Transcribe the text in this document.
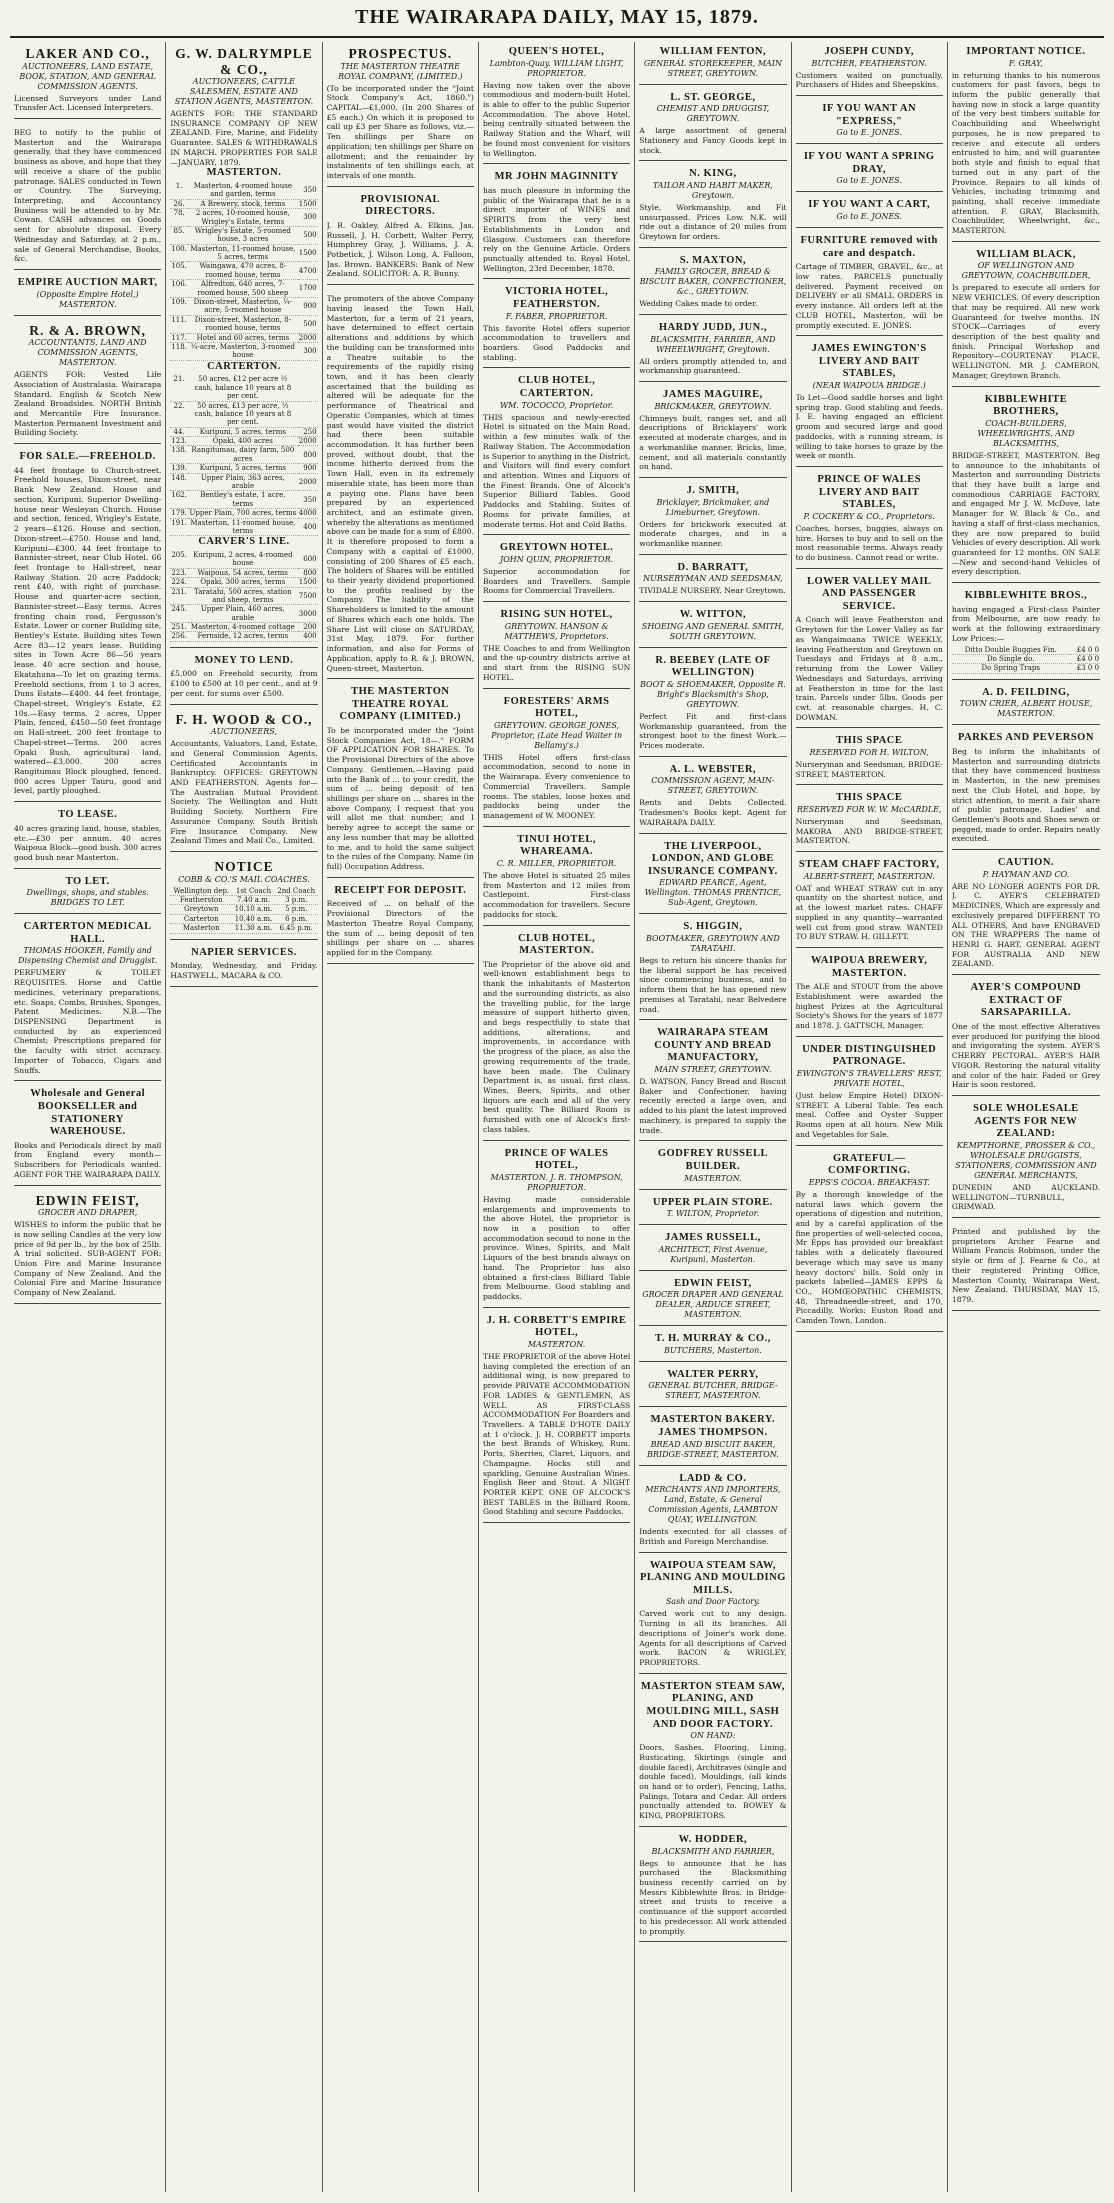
THE WAIRARAPA DAILY, MAY 15, 1879.
LAKER AND CO.,
AUCTIONEERS, LAND ESTATE, BOOK, STATION, AND GENERAL COMMISSION AGENTS.
Licensed Surveyors under Land Transfer Act. Licensed Interpreters.
BEG to notify to the public of Masterton and the Wairarapa generally, that they have commenced business as above, and hope that they will receive a share of the public patronage. SALES conducted in Town or Country. The Surveying, Interpreting, and Accountancy Business will be attended to by Mr. Cowan. CASH advances on Goods sent for absolute disposal. Every Wednesday and Saturday, at 2 p.m., sale of General Merchandise, Books, &c.
EMPIRE AUCTION MART,
(Opposite Empire Hotel,) MASTERTON.
R. & A. BROWN,
ACCOUNTANTS, LAND AND COMMISSION AGENTS, MASTERTON.
AGENTS FOR: Vested Life Association of Australasia. Wairarapa Standard. English & Scotch New Zealand Broadsides. NORTH British and Mercantile Fire Insurance. Masterton Permanent Investment and Building Society.
FOR SALE.—FREEHOLD.
44 feet frontage to Church-street. Freehold houses, Dixon-street, near Bank New Zealand. House and section, Kuripuni. Superior Dwelling-house near Wesleyan Church. House and section, fenced, Wrigley's Estate, 2 years—£126. House and section, Dixon-street—£750. House and land, Kuripuni—£300. 44 feet frontage to Bannister-street, near Club Hotel. 66 feet frontage to Hall-street, near Railway Station. 20 acre Paddock; rent £40, with right of purchase. House and quarter-acre section, Bannister-street—Easy terms. Acres fronting chain road, Fergusson's Estate. Lower or corner Building site, Bentley's Estate. Building sites Town Acre 83—12 years lease. Building sites in Town Acre 86—56 years lease. 40 acre section and house, Ekatahuna—To let on grazing terms. Freehold sections, from 1 to 3 acres, Duns Estate—£400. 44 feet frontage, Chapel-street, Wrigley's Estate, £2 10s.—Easy terms. 2 acres, Upper Plain, fenced, £450—50 feet frontage on Hall-street. 200 feet frontage to Chapel-street—Terms. 200 acres Opaki Bush, agricultural land, watered—£3,000. 200 acres Rangitumau Block ploughed, fenced. 800 acres Upper Tauru, good and level, partly ploughed.
TO LEASE.
40 acres grazing land, house, stables, etc.—£30 per annum. 40 acres Waipoua Block—good bush. 300 acres good bush near Masterton.
TO LET.
Dwellings, shops, and stables. BRIDGES TO LET.
CARTERTON MEDICAL HALL.
THOMAS HOOKER, Family and Dispensing Chemist and Druggist.
PERFUMERY & TOILET REQUISITES. Horse and Cattle medicines, veterinary preparations, etc. Soaps, Combs, Brushes, Sponges, Patent Medicines. N.B.—The DISPENSING Department is conducted by an experienced Chemist; Prescriptions prepared for the faculty with strict accuracy. Importer of Tobacco, Cigars and Snuffs.
Wholesale and General BOOKSELLER and STATIONERY WAREHOUSE.
Books and Periodicals direct by mail from England every month—Subscribers for Periodicals wanted. AGENT FOR THE WAIRARAPA DAILY.
EDWIN FEIST,
GROCER AND DRAPER,
WISHES to inform the public that he is now selling Candles at the very low price of 9d per lb., by the box of 25lb. A trial solicited. SUB-AGENT FOR: Union Fire and Marine Insurance Company of New Zealand. And the Colonial Fire and Marine Insurance Company of New Zealand.
G. W. DALRYMPLE & CO.,
AUCTIONEERS, CATTLE SALESMEN, ESTATE AND STATION AGENTS, MASTERTON.
AGENTS FOR: THE STANDARD INSURANCE COMPANY OF NEW ZEALAND. Fire, Marine, and Fidelity Guarantee. SALES & WITHDRAWALS IN MARCH. PROPERTIES FOR SALE—JANUARY, 1879.
MASTERTON.
1.	Masterton, 4-roomed house and garden, terms	350
26.	A Brewery, stock, terms	1500
78.	2 acres, 10-roomed house, Wrigley's Estate, terms	300
85.	Wrigley's Estate, 5-roomed house, 3 acres	500
100.	Masterton, 11-roomed house, 5 acres, terms	1500
105.	Waingawa, 470 acres, 8-roomed house, terms	4700
106.	Alfredton, 640 acres, 7-roomed house, 500 sheep	1700
109.	Dixon-street, Masterton, ¼-acre, 5-roomed house	900
111.	Dixon-street, Masterton, 8-roomed house, terms	500
117.	Hotel and 60 acres, terms	2000
118.	¼-acre, Masterton, 3-roomed house	300
CARTERTON.
21.	50 acres, £12 per acre ½ cash, balance 10 years at 8 per cent.	
22.	50 acres, £13 per acre, ⅓ cash, balance 10 years at 8 per cent.	
44.	Kuripuni, 5 acres, terms	250
123.	Opaki, 400 acres	2000
138.	Rangitumau, dairy farm, 500 acres	800
139.	Kuripuni, 5 acres, terms	900
148.	Upper Plain, 363 acres, arable	2000
162.	Bentley's estate, 1 acre, terms	350
179.	Upper Plain, 700 acres, terms	4000
191.	Masterton, 11-roomed house, terms	400
CARVER'S LINE.
205.	Kuripuni, 2 acres, 4-roomed house	600
223.	Waipoua, 54 acres, terms	800
224.	Opaki, 300 acres, terms	1500
231.	Taratahi, 500 acres, station and sheep, terms	7500
245.	Upper Plain, 460 acres, arable	3000
251.	Masterton, 4-roomed cottage	200
256.	Fernside, 12 acres, terms	400
MONEY TO LEND.
£5,000 on Freehold security, from £100 to £500 at 10 per cent., and at 9 per cent. for sums over £500.
F. H. WOOD & CO.,
AUCTIONEERS,
Accountants, Valuators, Land, Estate, and General Commission Agents. Certificated Accountants in Bankruptcy. OFFICES: GREYTOWN AND FEATHERSTON. Agents for—The Australian Mutual Provident Society. The Wellington and Hutt Building Society. Northern Fire Assurance Company. South British Fire Insurance Company. New Zealand Times and Mail Co., Limited.
NOTICE
COBB & CO.'S MAIL COACHES.
Wellington dep.	1st Coach	2nd Coach
Featherston	7.40 a.m.	3 p.m.
Greytown	10.10 a.m.	5 p.m.
Carterton	10.40 a.m.	6 p.m.
Masterton	11.30 a.m.	6.45 p.m.
NAPIER SERVICES.
Monday, Wednesday, and Friday. HASTWELL, MACARA & CO.
PROSPECTUS.
THE MASTERTON THEATRE ROYAL COMPANY, (LIMITED.)
(To be incorporated under the "Joint Stock Company's Act, 1860.") CAPITAL—£1,000, (In 200 Shares of £5 each.) On which it is proposed to call up £3 per Share as follows, viz.—Ten shillings per Share on application; ten shillings per Share on allotment; and the remainder by instalments of ten shillings each, at intervals of one month.
PROVISIONAL DIRECTORS.
J. R. Oakley, Alfred A. Elkins, Jas. Russell, J. H. Corbett, Walter Perry, Humphrey Gray, J. Williams, J. A. Potbetick, J. Wilson Long, A. Falloon, Jas. Brown. BANKERS: Bank of New Zealand. SOLICITOR: A. R. Bunny.
The promoters of the above Company having leased the Town Hall, Masterton, for a term of 21 years, have determined to effect certain alterations and additions by which the building can be transformed into a Theatre suitable to the requirements of the rapidly rising town, and it has been clearly ascertained that the building as altered will be adequate for the performance of Theatrical and Operatic Companies, which at times past would have visited the district had there been suitable accommodation. It has further been proved, without doubt, that the income hitherto derived from the Town Hall, even in its extremely miserable state, has been more than a paying one. Plans have been prepared by an experienced architect, and an estimate given, whereby the alterations as mentioned above can be made for a sum of £800. It is therefore proposed to form a Company with a capital of £1000, consisting of 200 Shares of £5 each. The holders of Shares will be entitled to their yearly dividend proportioned to the profits realised by the Company. The liability of the Shareholders is limited to the amount of Shares which each one holds. The Share List will close on SATURDAY, 31st May, 1879. For further information, and also for Forms of Application, apply to R. & J. BROWN, Queen-street, Masterton.
THE MASTERTON THEATRE ROYAL COMPANY (LIMITED.)
To be incorporated under the "Joint Stock Companies Act, 18—." FORM OF APPLICATION FOR SHARES. To the Provisional Directors of the above Company. Gentlemen,—Having paid into the Bank of ... to your credit, the sum of ... being deposit of ten shillings per share on ... shares in the above Company, I request that you will allot me that number; and I hereby agree to accept the same or any less number that may be allotted to me, and to hold the same subject to the rules of the Company. Name (in full) Occupation Address.
RECEIPT FOR DEPOSIT.
Received of ... on behalf of the Provisional Directors of the Masterton Theatre Royal Company, the sum of ... being deposit of ten shillings per share on ... shares applied for in the Company.
QUEEN'S HOTEL,
Lambton-Quay. WILLIAM LIGHT, PROPRIETOR.
Having now taken over the above commodious and modern-built Hotel, is able to offer to the public Superior Accommodation. The above Hotel, being centrally situated between the Railway Station and the Wharf, will be found most convenient for visitors to Wellington.
MR JOHN MAGINNITY
has much pleasure in informing the public of the Wairarapa that he is a direct importer of WINES and SPIRITS from the very best Establishments in London and Glasgow. Customers can therefore rely on the Genuine Article. Orders punctually attended to. Royal Hotel, Wellington, 23rd December, 1878.
VICTORIA HOTEL, FEATHERSTON.
F. FABER, PROPRIETOR.
This favorite Hotel offers superior accommodation to travellers and boarders. Good Paddocks and stabling.
CLUB HOTEL, CARTERTON.
WM. TOCOCCO, Proprietor.
THIS spacious and newly-erected Hotel is situated on the Main Road, within a few minutes walk of the Railway Station. The Accommodation is Superior to anything in the District, and Visitors will find every comfort and attention. Wines and Liquors of the Finest Brands. One of Alcock's Superior Billiard Tables. Good Paddocks and Stabling. Suites of Rooms for private families, at moderate terms. Hot and Cold Baths.
GREYTOWN HOTEL.
JOHN QUIN, PROPRIETOR.
Superior accommodation for Boarders and Travellers. Sample Rooms for Commercial Travellers.
RISING SUN HOTEL,
GREYTOWN. HANSON & MATTHEWS, Proprietors.
THE Coaches to and from Wellington and the up-country districts arrive at and start from the RISING SUN HOTEL.
FORESTERS' ARMS HOTEL,
GREYTOWN. GEORGE JONES, Proprietor, (Late Head Waiter in Bellamy's.)
THIS Hotel offers first-class accommodation, second to none in the Wairarapa. Every convenience to Commercial Travellers. Sample rooms. The stables, loose boxes and paddocks being under the management of W. MOONEY.
TINUI HOTEL, WHAREAMA.
C. R. MILLER, PROPRIETOR.
The above Hotel is situated 25 miles from Masterton and 12 miles from Castlepoint. First-class accommodation for travellers. Secure paddocks for stock.
CLUB HOTEL, MASTERTON.
The Proprietor of the above old and well-known establishment begs to thank the inhabitants of Masterton and the surrounding districts, as also the travelling public, for the large measure of support hitherto given, and begs respectfully to state that additions, alterations, and improvements, in accordance with the progress of the place, as also the growing requirements of the trade, have been made. The Culinary Department is, as usual, first class. Wines, Beers, Spirits, and other liquors are each and all of the very best quality. The Billiard Room is furnished with one of Alcock's first-class tables.
PRINCE OF WALES HOTEL,
MASTERTON. J. R. THOMPSON, PROPRIETOR.
Having made considerable enlargements and improvements to the above Hotel, the proprietor is now in a position to offer accommodation second to none in the province. Wines, Spirits, and Malt Liquors of the best brands always on hand. The Proprietor has also obtained a first-class Billiard Table from Melbourne. Good stabling and paddocks.
J. H. CORBETT'S EMPIRE HOTEL,
MASTERTON.
THE PROPRIETOR of the above Hotel having completed the erection of an additional wing, is now prepared to provide PRIVATE ACCOMMODATION FOR LADIES & GENTLEMEN, AS WELL AS FIRST-CLASS ACCOMMODATION For Boarders and Travellers. A TABLE D'HOTE DAILY at 1 o'clock. J. H. CORBETT imports the best Brands of Whiskey, Rum, Ports, Sherries, Claret, Liquors, and Champagne. Hocks still and sparkling, Genuine Australian Wines. English Beer and Stout. A NIGHT PORTER KEPT. ONE OF ALCOCK'S BEST TABLES in the Billiard Room. Good Stabling and secure Paddocks.
WILLIAM FENTON,
GENERAL STOREKEEPER, MAIN STREET, GREYTOWN.
L. ST. GEORGE,
CHEMIST AND DRUGGIST, GREYTOWN.
A large assortment of general Stationery and Fancy Goods kept in stock.
N. KING,
TAILOR AND HABIT MAKER, Greytown.
Style, Workmanship, and Fit unsurpassed. Prices Low. N.K. will ride out a distance of 20 miles from Greytown for orders.
S. MAXTON,
FAMILY GROCER, BREAD & BISCUIT BAKER, CONFECTIONER, &c., GREYTOWN.
Wedding Cakes made to order.
HARDY JUDD, JUN.,
BLACKSMITH, FARRIER, AND WHEELWRIGHT, Greytown.
All orders promptly attended to, and workmanship guaranteed.
JAMES MAGUIRE,
BRICKMAKER, GREYTOWN.
Chimneys built, ranges set, and all descriptions of Bricklayers' work executed at moderate charges, and in a workmanlike manner. Bricks, lime, cement, and all materials constantly on hand.
J. SMITH,
Bricklayer, Brickmaker, and Limeburner, Greytown.
Orders for brickwork executed at moderate charges, and in a workmanlike manner.
D. BARRATT,
NURSERYMAN AND SEEDSMAN,
TIVIDALE NURSERY, Near Greytown.
W. WITTON,
SHOEING AND GENERAL SMITH, SOUTH GREYTOWN.
R. BEEBEY (LATE OF WELLINGTON)
BOOT & SHOEMAKER, Opposite R. Bright's Blacksmith's Shop, GREYTOWN.
Perfect Fit and first-class Workmanship guaranteed, from the strongest boot to the finest Work.—Prices moderate.
A. L. WEBSTER,
COMMISSION AGENT, MAIN-STREET, GREYTOWN.
Rents and Debts Collected. Tradesmen's Books kept. Agent for WAIRARAPA DAILY.
THE LIVERPOOL, LONDON, AND GLOBE INSURANCE COMPANY.
EDWARD PEARCE, Agent, Wellington. THOMAS PRENTICE, Sub-Agent, Greytown.
S. HIGGIN,
BOOTMAKER, GREYTOWN AND TARATAHI.
Begs to return his sincere thanks for the liberal support he has received since commencing business, and to inform them that he has opened new premises at Taratahi, near Belvedere road.
WAIRARAPA STEAM COUNTY AND BREAD MANUFACTORY,
MAIN STREET, GREYTOWN.
D. WATSON, Fancy Bread and Biscuit Baker and Confectioner, having recently erected a large oven, and added to his plant the latest improved machinery, is prepared to supply the trade.
GODFREY RUSSELL BUILDER.
MASTERTON.
UPPER PLAIN STORE.
T. WILTON, Proprietor.
JAMES RUSSELL,
ARCHITECT, First Avenue, Kuripuni, Masterton.
EDWIN FEIST,
GROCER DRAPER AND GENERAL DEALER, ARDUCE STREET, MASTERTON.
T. H. MURRAY & CO.,
BUTCHERS, Masterton.
WALTER PERRY,
GENERAL BUTCHER, BRIDGE-STREET, MASTERTON.
MASTERTON BAKERY. JAMES THOMPSON.
BREAD AND BISCUIT BAKER, BRIDGE-STREET, MASTERTON.
LADD & CO.
MERCHANTS AND IMPORTERS, Land, Estate, & General Commission Agents, LAMBTON QUAY, WELLINGTON.
Indents executed for all classes of British and Foreign Merchandise.
WAIPOUA STEAM SAW, PLANING AND MOULDING MILLS.
Sash and Door Factory.
Carved work cut to any design. Turning in all its branches. All descriptions of Joiner's work done. Agents for all descriptions of Carved work. BACON & WRIGLEY, PROPRIETORS.
MASTERTON STEAM SAW, PLANING, AND MOULDING MILL, SASH AND DOOR FACTORY.
ON HAND:
Doors, Sashes, Flooring, Lining, Rusticating, Skirtings (single and double faced), Architraves (single and double faced), Mouldings, (all kinds on hand or to order), Fencing, Laths, Palings, Totara and Cedar. All orders punctually attended to. BOWEY & KING, PROPRIETORS.
W. HODDER,
BLACKSMITH AND FARRIER,
Begs to announce that he has purchased the Blacksmithing business recently carried on by Messrs Kibblewhite Bros. in Bridge-street and trusts to receive a continuance of the support accorded to his predecessor. All work attended to promptly.
JOSEPH CUNDY,
BUTCHER, FEATHERSTON.
Customers waited on punctually. Purchasers of Hides and Sheepskins.
IF YOU WANT AN "EXPRESS,"
Go to E. JONES.
IF YOU WANT A SPRING DRAY,
Go to E. JONES.
IF YOU WANT A CART,
Go to E. JONES.
FURNITURE removed with care and despatch.
Cartage of TIMBER, GRAVEL, &c., at low rates. PARCELS punctually delivered. Payment received on DELIVERY or all SMALL ORDERS in every instance. All orders left at the CLUB HOTEL, Masterton, will be promptly executed. E. JONES.
JAMES EWINGTON'S LIVERY AND BAIT STABLES,
(NEAR WAIPOUA BRIDGE.)
To Let—Good saddle horses and light spring trap. Good stabling and feeds. J. E. having engaged an efficient groom and secured large and good paddocks, with a running stream, is willing to take horses to graze by the week or month.
PRINCE OF WALES LIVERY AND BAIT STABLES,
P. COCKERY & CO., Proprietors.
Coaches, horses, buggies, always on hire. Horses to buy and to sell on the most reasonable terms. Always ready to do business. Cannot read or write.
LOWER VALLEY MAIL AND PASSENGER SERVICE.
A Coach will leave Featherston and Greytown for the Lower Valley as far as Wangaimoana TWICE WEEKLY, leaving Featherston and Greytown on Tuesdays and Fridays at 8 a.m., returning from the Lower Valley Wednesdays and Saturdays, arriving at Featherston in time for the last train. Parcels under 5lbs. Goods per cwt. at reasonable charges. H. C. DOWMAN.
THIS SPACE
RESERVED FOR H. WILTON,
Nurseryman and Seedsman, BRIDGE-STREET, MASTERTON.
THIS SPACE
RESERVED FOR W. W. McCARDLE,
Nurseryman and Seedsman, MAKORA AND BRIDGE-STREET, MASTERTON.
STEAM CHAFF FACTORY,
ALBERT-STREET, MASTERTON.
OAT and WHEAT STRAW cut in any quantity on the shortest notice, and at the lowest market rates. CHAFF supplied in any quantity—warranted well cut from good straw. WANTED TO BUY STRAW. H. GILLETT.
WAIPOUA BREWERY, MASTERTON.
The ALE and STOUT from the above Establishment were awarded the highest Prizes at the Agricultural Society's Shows for the years of 1877 and 1878. J. GATTSCH, Manager.
UNDER DISTINGUISHED PATRONAGE.
EWINGTON'S TRAVELLERS' REST, PRIVATE HOTEL,
(Just below Empire Hotel) DIXON-STREET. A Liberal Table. Tea each meal. Coffee and Oyster Supper Rooms open at all hours. New Milk and Vegetables for Sale.
GRATEFUL—COMFORTING.
EPPS'S COCOA. BREAKFAST.
By a thorough knowledge of the natural laws which govern the operations of digestion and nutrition, and by a careful application of the fine properties of well-selected cocoa, Mr Epps has provided our breakfast tables with a delicately flavoured beverage which may save us many heavy doctors' bills. Sold only in packets labelled—JAMES EPPS & CO., HOMŒOPATHIC CHEMISTS, 48, Threadneedle-street, and 170, Piccadilly. Works: Euston Road and Camden Town, London.
IMPORTANT NOTICE.
F. GRAY,
in returning thanks to his numerous customers for past favors, begs to inform the public generally that having now in stock a large quantity of the very best timbers suitable for Coachbuilding and Wheelwright purposes, he is now prepared to receive and execute all orders entrusted to him, and will guarantee both style and finish to equal that turned out in any part of the Province. Repairs to all kinds of Vehicles, including trimming and painting, shall receive immediate attention. F. GRAY, Blacksmith, Coachbuilder, Wheelwright, &c., MASTERTON.
WILLIAM BLACK,
OF WELLINGTON AND GREYTOWN, COACHBUILDER,
Is prepared to execute all orders for NEW VEHICLES. Of every description that may be required. All new work Guaranteed for twelve months. IN STOCK—Carriages of every description of the best quality and finish. Principal Workshop and Repository—COURTENAY PLACE, WELLINGTON. MR J. CAMERON, Manager, Greytown Branch.
KIBBLEWHITE BROTHERS,
COACH-BUILDERS, WHEELWRIGHTS, AND BLACKSMITHS,
BRIDGE-STREET, MASTERTON. Beg to announce to the inhabitants of Masterton and surrounding Districts that they have built a large and commodious CARRIAGE FACTORY, and engaged Mr J. W. McDove, late Manager for W. Black & Co., and having a staff of first-class mechanics, they are now prepared to build Vehicles of every description. All work guaranteed for 12 months. ON SALE—New and second-hand Vehicles of every description.
KIBBLEWHITE BROS.,
having engaged a First-class Painter from Melbourne, are now ready to work at the following extraordinary Low Prices:—
Ditto Double Buggies Fin.	£4 0 0
Do Single do.	£4 0 0
Do Spring Traps	£3 0 0
A. D. FEILDING,
TOWN CRIER, ALBERT HOUSE, MASTERTON.
PARKES AND PEVERSON
Beg to inform the inhabitants of Masterton and surrounding districts that they have commenced business in Masterton, in the new premises next the Club Hotel, and hope, by strict attention, to merit a fair share of public patronage. Ladies' and Gentlemen's Boots and Shoes sewn or pegged, made to order. Repairs neatly executed.
CAUTION.
P. HAYMAN AND CO.
ARE NO LONGER AGENTS FOR DR. J. C. AYER'S CELEBRATED MEDICINES, Which are expressly and exclusively prepared DIFFERENT TO ALL OTHERS, And have ENGRAVED ON THE WRAPPERS The name of HENRI G. HART, GENERAL AGENT FOR AUSTRALIA AND NEW ZEALAND.
AYER'S COMPOUND EXTRACT OF SARSAPARILLA.
One of the most effective Alteratives ever produced for purifying the blood and invigorating the system. AYER'S CHERRY PECTORAL. AYER'S HAIR VIGOR. Restoring the natural vitality and color of the hair. Faded or Grey Hair is soon restored.
SOLE WHOLESALE AGENTS FOR NEW ZEALAND:
KEMPTHORNE, PROSSER & CO., WHOLESALE DRUGGISTS, STATIONERS, COMMISSION AND GENERAL MERCHANTS,
DUNEDIN AND AUCKLAND. WELLINGTON—TURNBULL, GRIMWAD.
Printed and published by the proprietors Archer Fearne and William Francis Robinson, under the style or firm of J. Fearne & Co., at their registered Printing Office, Masterton County, Wairarapa West, New Zealand. THURSDAY, MAY 15, 1879.
